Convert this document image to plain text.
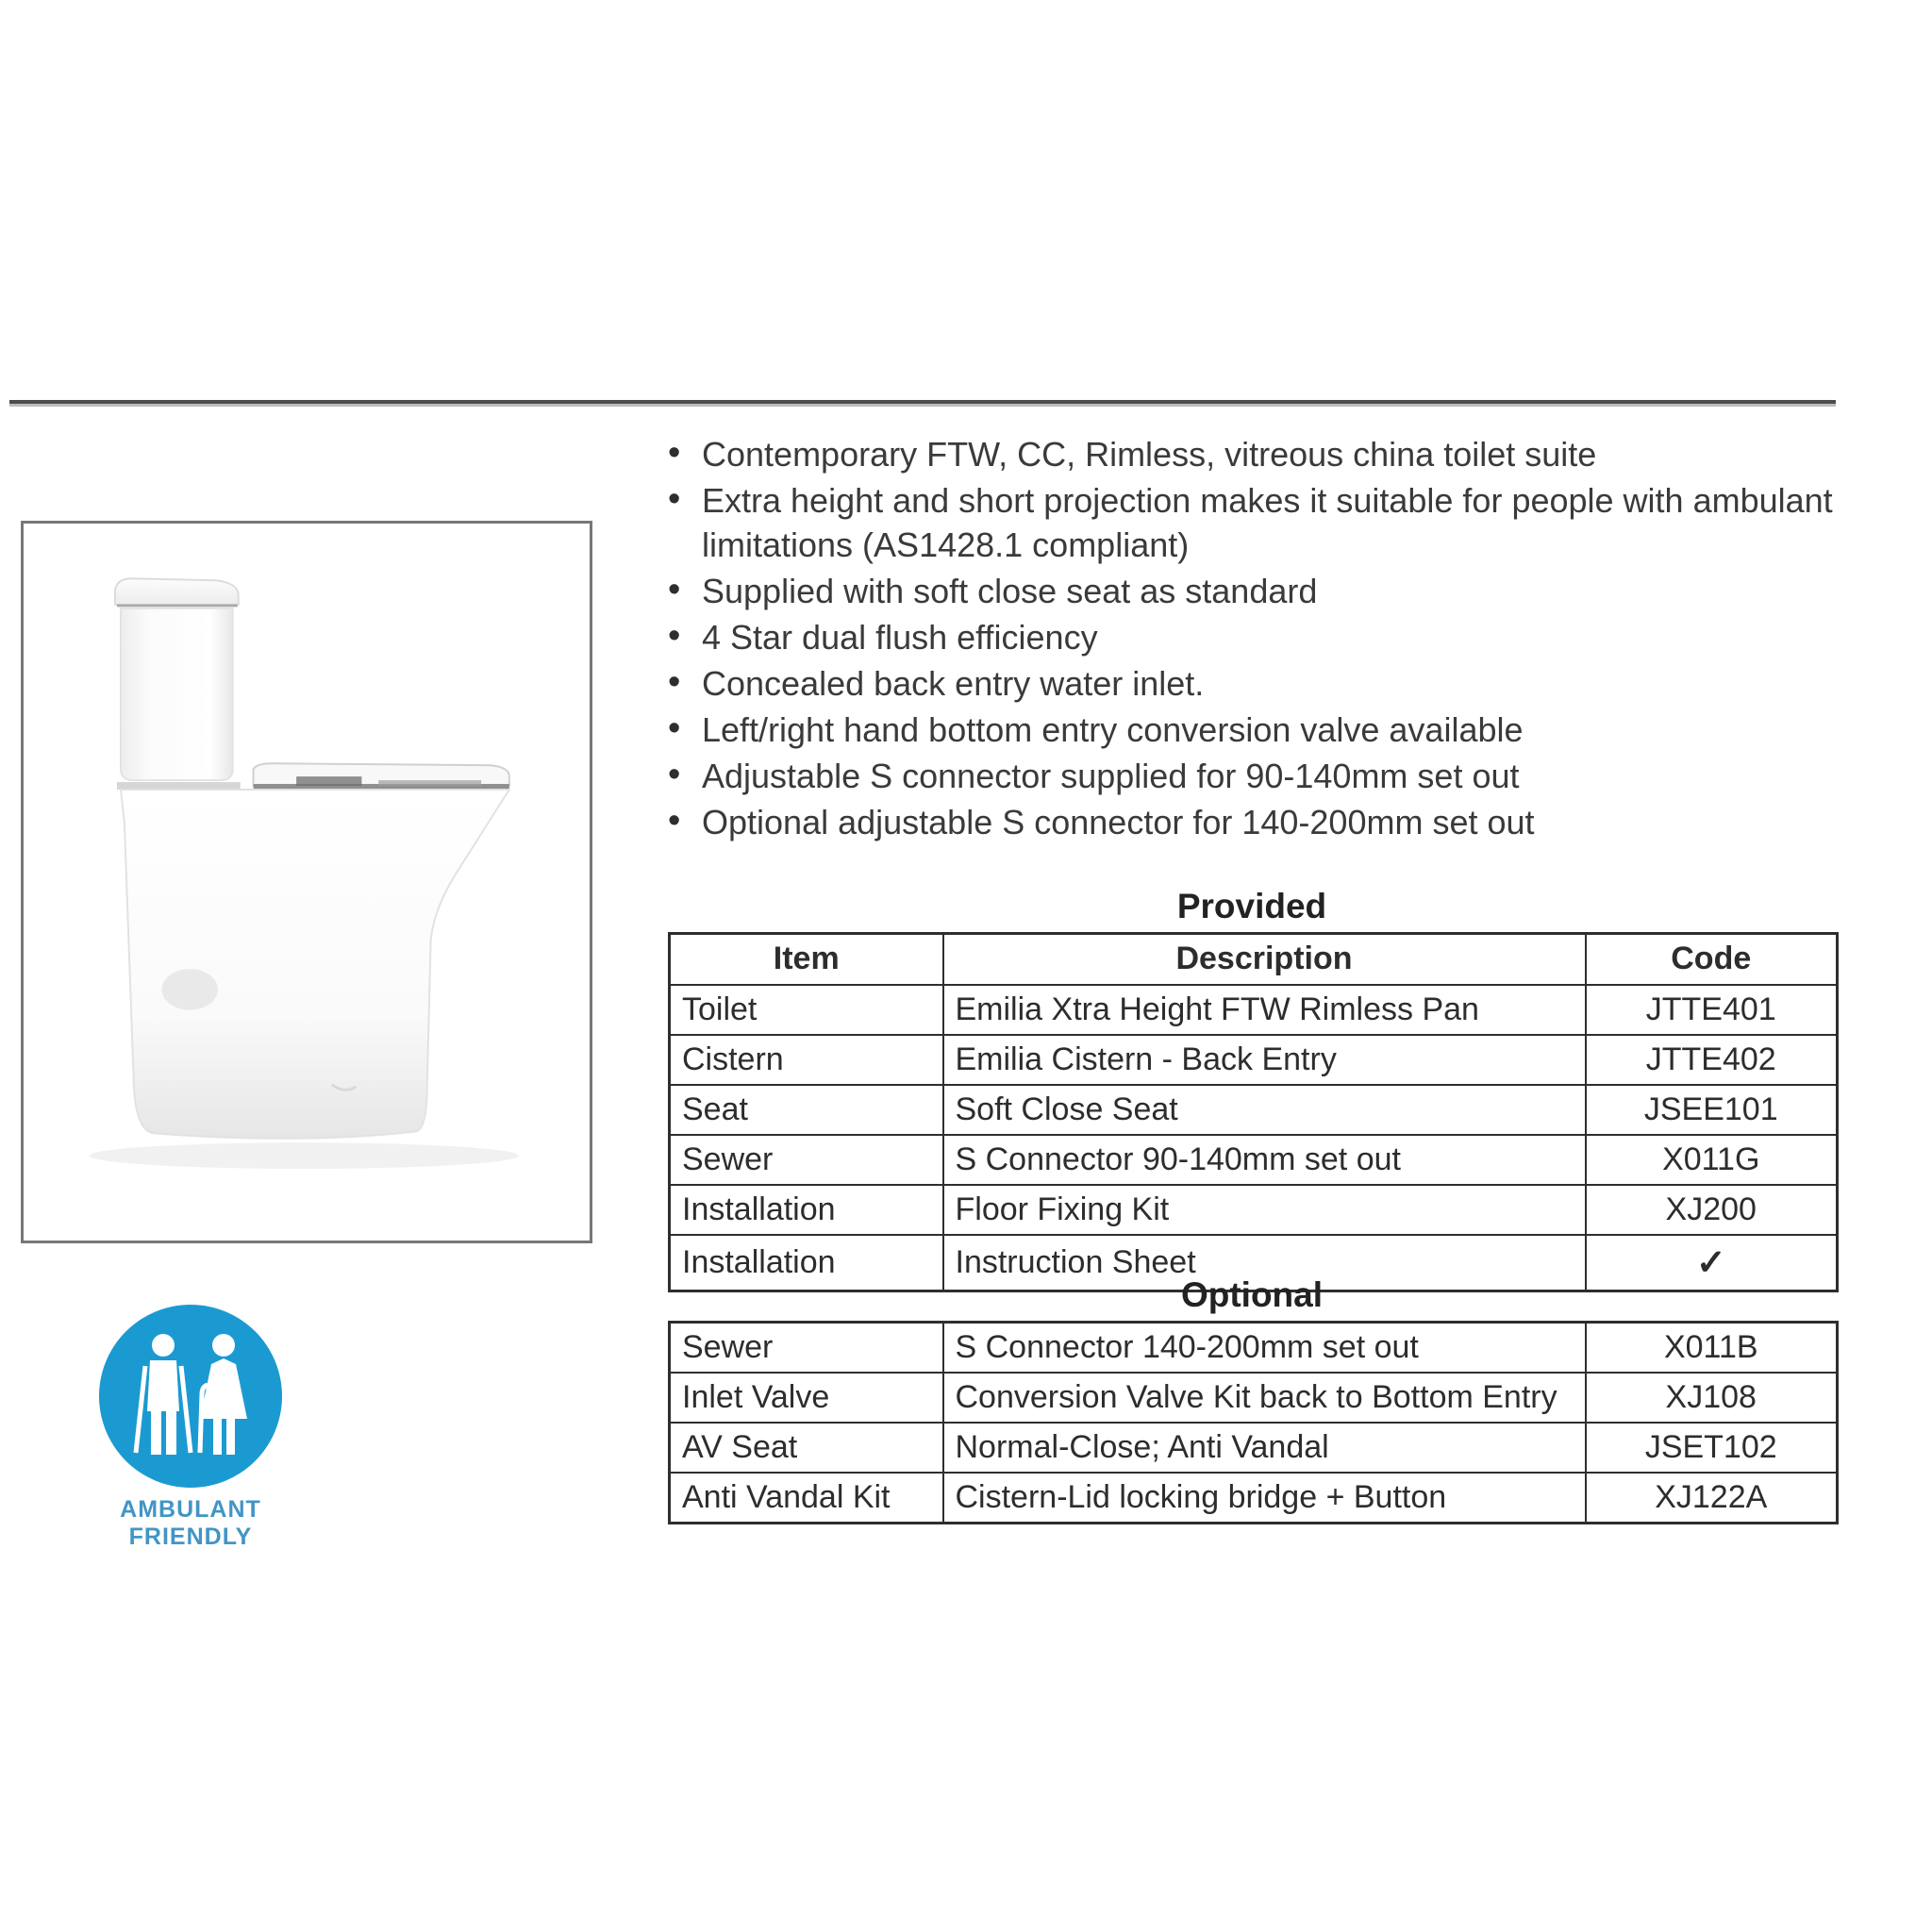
• Contemporary FTW, CC, Rimless, vitreous china toilet suite
• Extra height and short projection makes it suitable for people with ambulant limitations (AS1428.1 compliant)
• Supplied with soft close seat as standard
• 4 Star dual flush efficiency
• Concealed back entry water inlet.
• Left/right hand bottom entry conversion valve available
• Adjustable S connector supplied for 90-140mm set out
• Optional adjustable S connector for 140-200mm set out
Provided
Item	Description	Code
Toilet	Emilia Xtra Height FTW Rimless Pan	JTTE401
Cistern	Emilia Cistern - Back Entry	JTTE402
Seat	Soft Close Seat	JSEE101
Sewer	S Connector 90-140mm set out	X011G
Installation	Floor Fixing Kit	XJ200
Installation	Instruction Sheet	✓
Optional
Sewer	S Connector 140-200mm set out	X011B
Inlet Valve	Conversion Valve Kit back to Bottom Entry	XJ108
AV Seat	Normal-Close; Anti Vandal	JSET102
Anti Vandal Kit	Cistern-Lid locking bridge + Button	XJ122A
AMBULANT
FRIENDLY
